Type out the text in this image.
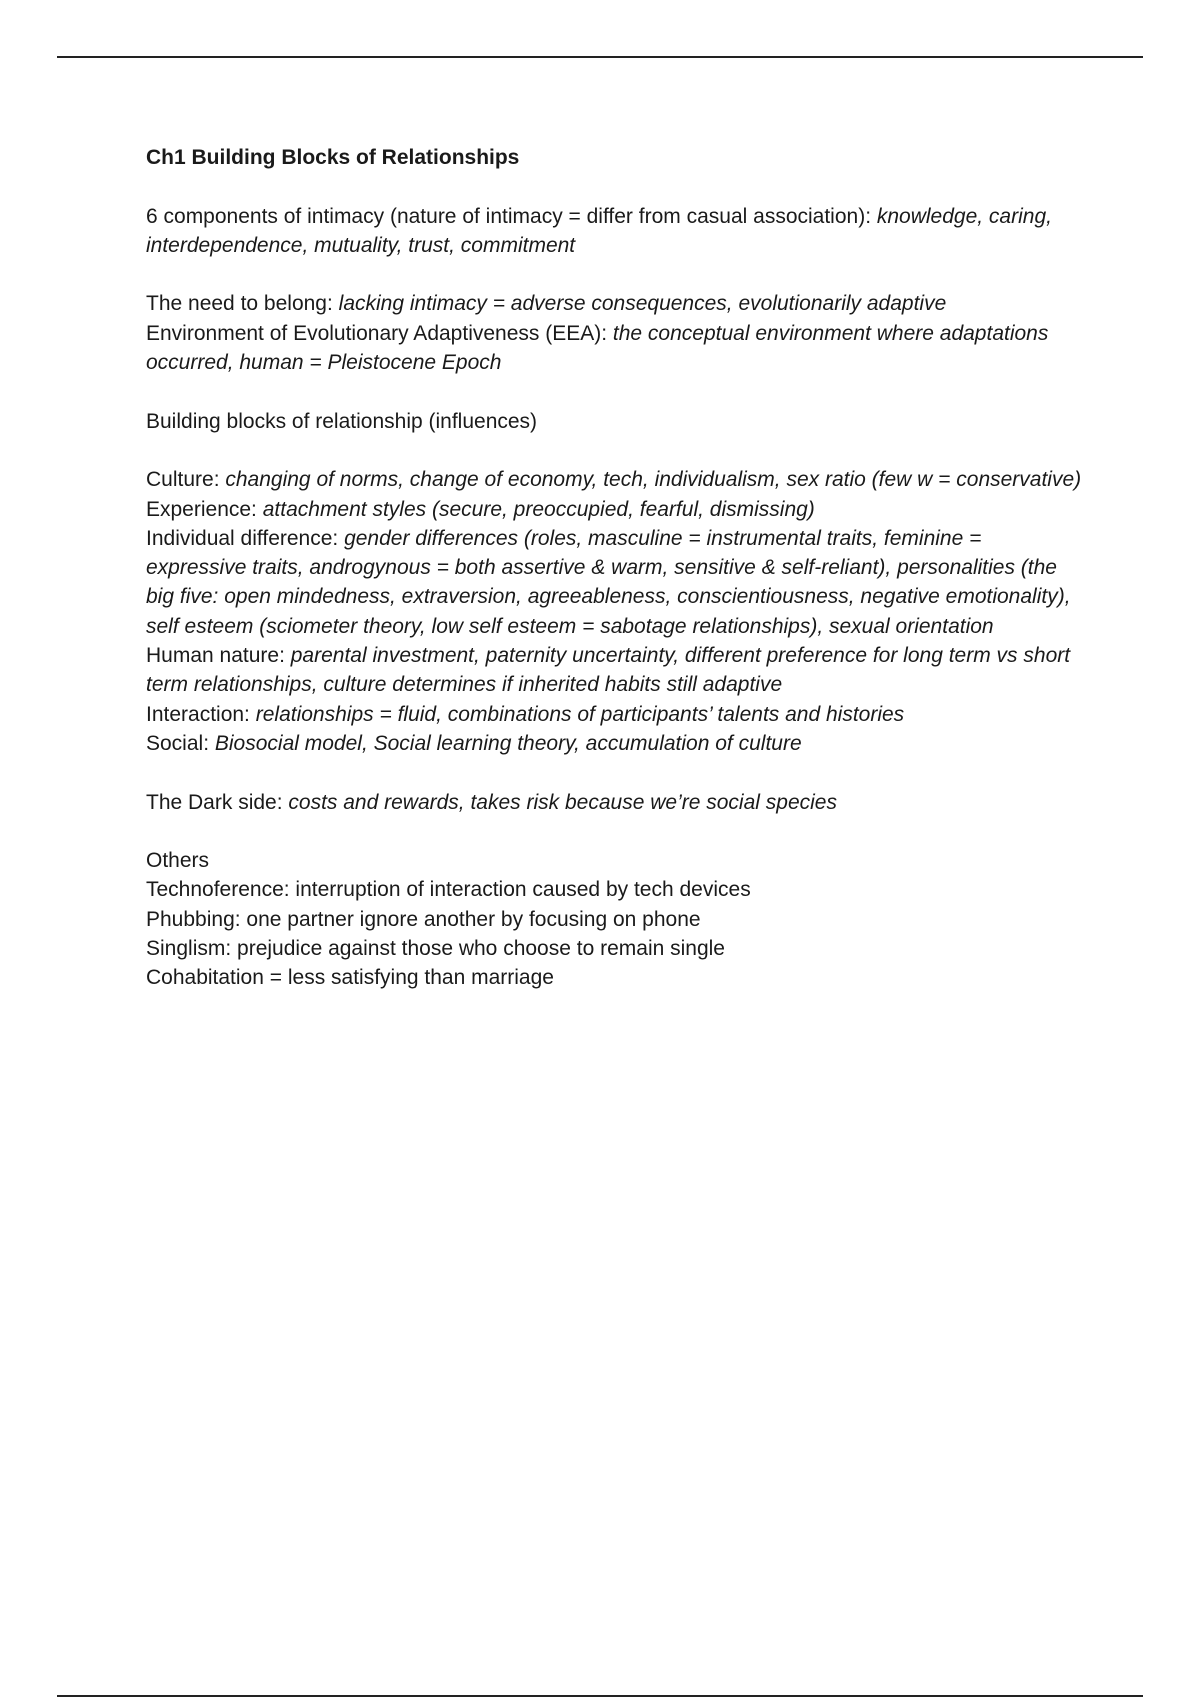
Ch1 Building Blocks of Relationships

6 components of intimacy (nature of intimacy = differ from casual association): knowledge, caring, interdependence, mutuality, trust, commitment

The need to belong: lacking intimacy = adverse consequences, evolutionarily adaptive

Environment of Evolutionary Adaptiveness (EEA): the conceptual environment where adaptations occurred, human = Pleistocene Epoch

Building blocks of relationship (influences)

Culture: changing of norms, change of economy, tech, individualism, sex ratio (few w = conservative)

Experience: attachment styles (secure, preoccupied, fearful, dismissing)

Individual difference: gender differences (roles, masculine = instrumental traits, feminine = expressive traits, androgynous = both assertive & warm, sensitive & self-reliant), personalities (the big five: open mindedness, extraversion, agreeableness, conscientiousness, negative emotionality), self esteem (sciometer theory, low self esteem = sabotage relationships), sexual orientation

Human nature: parental investment, paternity uncertainty, different preference for long term vs short term relationships, culture determines if inherited habits still adaptive

Interaction: relationships = fluid, combinations of participants’ talents and histories

Social: Biosocial model, Social learning theory, accumulation of culture

The Dark side: costs and rewards, takes risk because we’re social species

Others

Technoference: interruption of interaction caused by tech devices

Phubbing: one partner ignore another by focusing on phone

Singlism: prejudice against those who choose to remain single

Cohabitation = less satisfying than marriage
